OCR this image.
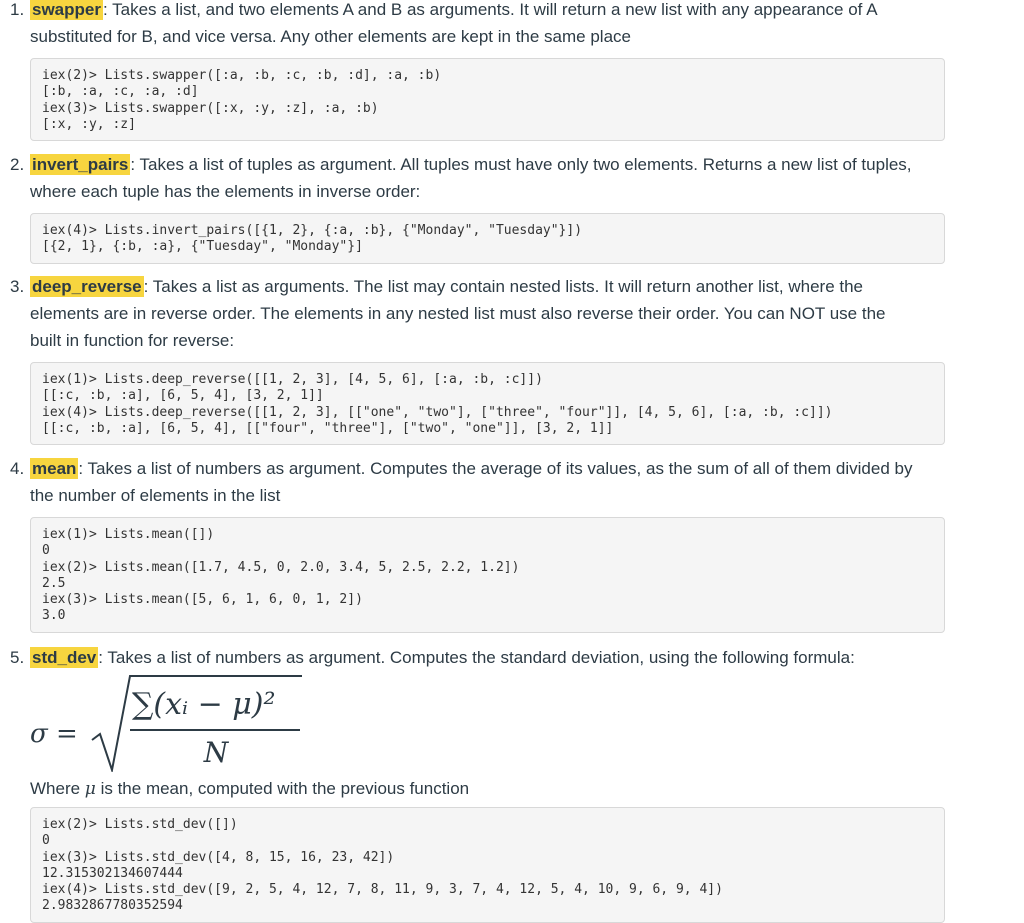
1. swapper : Takes a list, and two elements A and B as arguments. It will return a new list with any appearance of A
substituted for B, and vice versa. Any other elements are kept in the same place

iex(2)> Lists.swapper([:a, :b, :c, :b, :d], :a, :b)
[:b, :a, :c, :a, :d]
iex(3)> Lists.swapper([:x, :y, :z], :a, :b)
[:x, :y, :z]

2. invert_pairs : Takes a list of tuples as argument. All tuples must have only two elements. Returns a new list of tuples,
where each tuple has the elements in inverse order:

iex(4)> Lists.invert_pairs([{1, 2}, {:a, :b}, {"Monday", "Tuesday"}])
[{2, 1}, {:b, :a}, {"Tuesday", "Monday"}]

3. deep_reverse : Takes a list as arguments. The list may contain nested lists. It will return another list, where the
elements are in reverse order. The elements in any nested list must also reverse their order. You can NOT use the
built in function for reverse:

iex(1)> Lists.deep_reverse([[1, 2, 3], [4, 5, 6], [:a, :b, :c]])
[[:c, :b, :a], [6, 5, 4], [3, 2, 1]]
iex(4)> Lists.deep_reverse([[1, 2, 3], [["one", "two"], ["three", "four"]], [4, 5, 6], [:a, :b, :c]])
[[:c, :b, :a], [6, 5, 4], [["four", "three"], ["two", "one"]], [3, 2, 1]]

4. mean : Takes a list of numbers as argument. Computes the average of its values, as the sum of all of them divided by
the number of elements in the list

iex(1)> Lists.mean([])
0
iex(2)> Lists.mean([1.7, 4.5, 0, 2.0, 3.4, 5, 2.5, 2.2, 1.2])
2.5
iex(3)> Lists.mean([5, 6, 1, 6, 0, 1, 2])
3.0

5. std_dev : Takes a list of numbers as argument. Computes the standard deviation, using the following formula:

σ =
∑(xᵢ − μ)²
N
Where μ is the mean, computed with the previous function
iex(2)> Lists.std_dev([])
0
iex(3)> Lists.std_dev([4, 8, 15, 16, 23, 42])
12.315302134607444
iex(4)> Lists.std_dev([9, 2, 5, 4, 12, 7, 8, 11, 9, 3, 7, 4, 12, 5, 4, 10, 9, 6, 9, 4])
2.9832867780352594
